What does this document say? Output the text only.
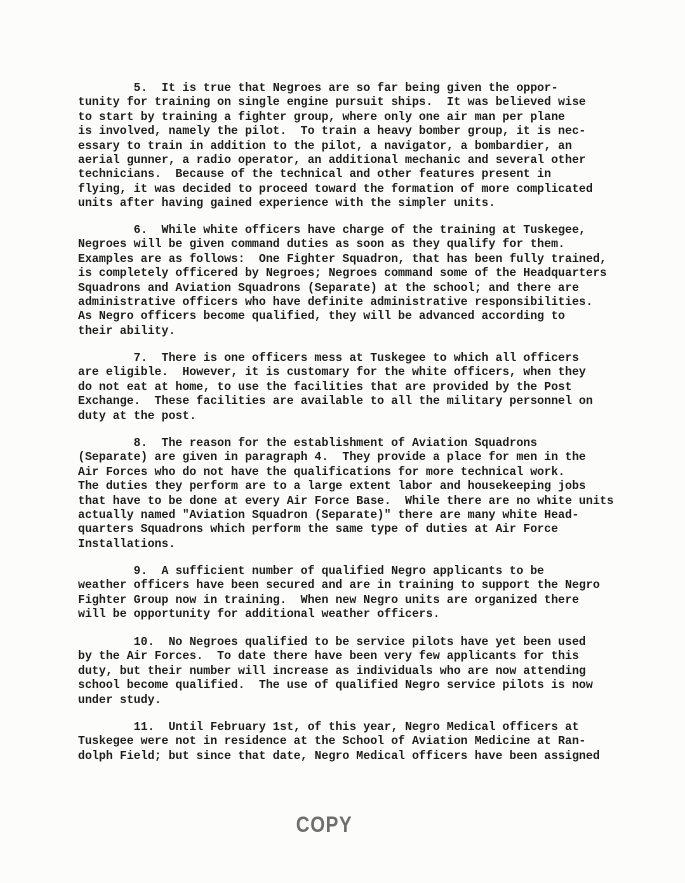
5.  It is true that Negroes are so far being given the oppor-
tunity for training on single engine pursuit ships.  It was believed wise
to start by training a fighter group, where only one air man per plane
is involved, namely the pilot.  To train a heavy bomber group, it is nec-
essary to train in addition to the pilot, a navigator, a bombardier, an
aerial gunner, a radio operator, an additional mechanic and several other
technicians.  Because of the technical and other features present in
flying, it was decided to proceed toward the formation of more complicated
units after having gained experience with the simpler units.
6.  While white officers have charge of the training at Tuskegee,
Negroes will be given command duties as soon as they qualify for them.
Examples are as follows:  One Fighter Squadron, that has been fully trained,
is completely officered by Negroes; Negroes command some of the Headquarters
Squadrons and Aviation Squadrons (Separate) at the school; and there are
administrative officers who have definite administrative responsibilities.
As Negro officers become qualified, they will be advanced according to
their ability.
7.  There is one officers mess at Tuskegee to which all officers
are eligible.  However, it is customary for the white officers, when they
do not eat at home, to use the facilities that are provided by the Post
Exchange.  These facilities are available to all the military personnel on
duty at the post.
8.  The reason for the establishment of Aviation Squadrons
(Separate) are given in paragraph 4.  They provide a place for men in the
Air Forces who do not have the qualifications for more technical work.
The duties they perform are to a large extent labor and housekeeping jobs
that have to be done at every Air Force Base.  While there are no white units
actually named "Aviation Squadron (Separate)" there are many white Head-
quarters Squadrons which perform the same type of duties at Air Force
Installations.
9.  A sufficient number of qualified Negro applicants to be
weather officers have been secured and are in training to support the Negro
Fighter Group now in training.  When new Negro units are organized there
will be opportunity for additional weather officers.
10.  No Negroes qualified to be service pilots have yet been used
by the Air Forces.  To date there have been very few applicants for this
duty, but their number will increase as individuals who are now attending
school become qualified.  The use of qualified Negro service pilots is now
under study.
11.  Until February 1st, of this year, Negro Medical officers at
Tuskegee were not in residence at the School of Aviation Medicine at Ran-
dolph Field; but since that date, Negro Medical officers have been assigned
COPY
